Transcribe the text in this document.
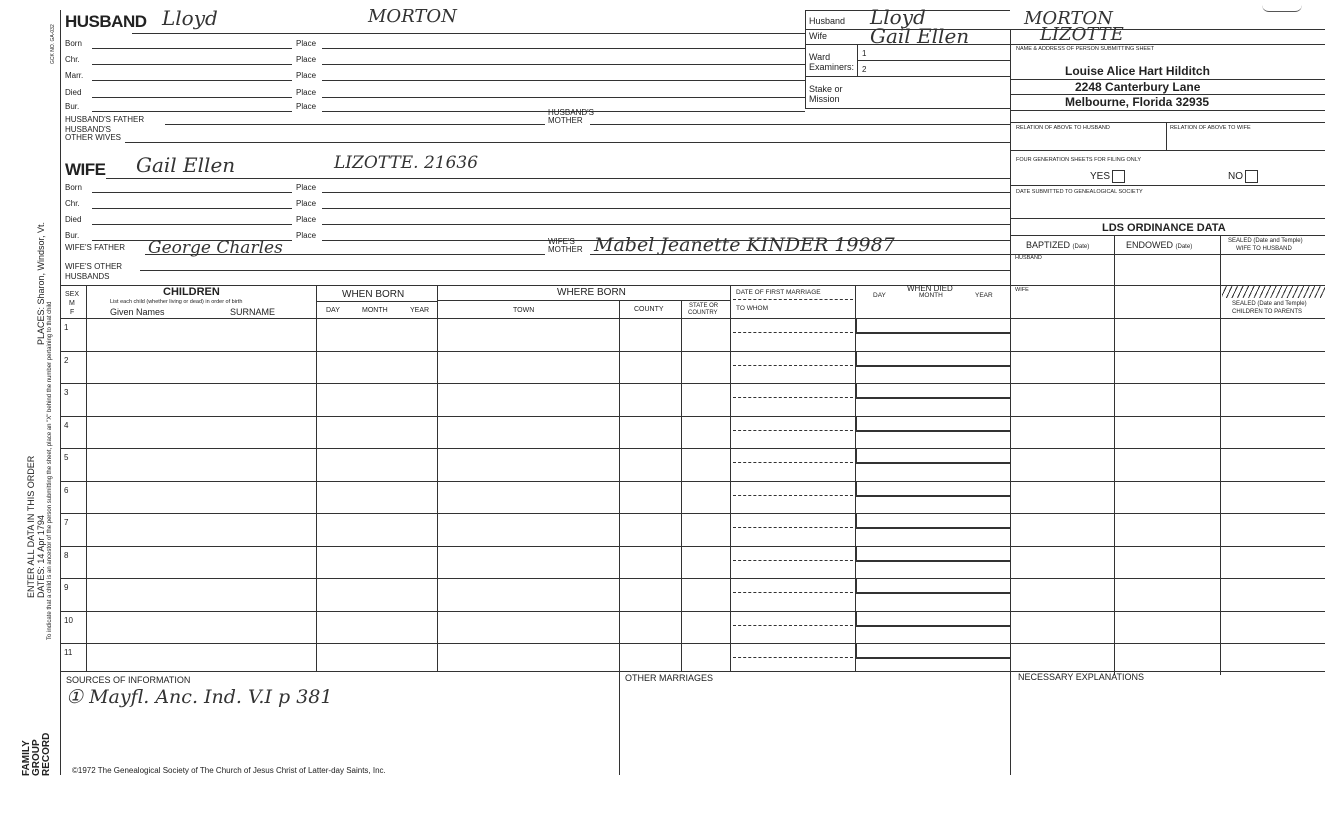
FAMILY GROUP RECORD
ENTER ALL DATA IN THIS ORDER DATES: 14 Apr 1794
PLACES: Sharon, Windsor, Vt.
To indicate that a child is an ancestor of the person submitting the sheet, place an "X" behind the number pertaining to that child
GCK NO. GA-032
HUSBAND Lloyd	MORTON
Born	Place
Chr.	Place
Marr.	Place
Died	Place
Bur.	Place
HUSBAND'S FATHER
HUSBAND'S
MOTHER
HUSBAND'S
OTHER WIVES
WIFE Gail Ellen	LIZOTTE. 21636
Born	Place
Chr.	Place
Died	Place
Bur.	Place
WIFE'S FATHER George Charles	WIFE'S
MOTHER Mabel Jeanette KINDER 19987
WIFE'S OTHER
HUSBANDS
Husband Lloyd	MORTON
Wife Gail Ellen	LIZOTTE
Ward
Examiners:
1
2
Stake or
Mission
NAME & ADDRESS OF PERSON SUBMITTING SHEET
Louise Alice Hart Hilditch
2248 Canterbury Lane
Melbourne, Florida 32935
RELATION OF ABOVE TO HUSBAND	RELATION OF ABOVE TO WIFE
FOUR GENERATION SHEETS FOR FILING ONLY
YES	NO
DATE SUBMITTED TO GENEALOGICAL SOCIETY
LDS ORDINANCE DATA
BAPTIZED (Date)	ENDOWED (Date)
SEALED (Date and Temple)
WIFE TO HUSBAND
HUSBAND
WIFE
SEALED (Date and Temple)
CHILDREN TO PARENTS
SEX
M
F
CHILDREN
List each child (whether living or dead) in order of birth
Given Names	SURNAME
WHEN BORN
DAY	MONTH	YEAR
WHERE BORN
TOWN	COUNTY	STATE OR
COUNTRY
DATE OF FIRST MARRIAGE
TO WHOM
WHEN DIED
DAY	MONTH	YEAR
1
2
3
4
5
6
7
8
9
10
11
SOURCES OF INFORMATION
① Mayfl. Anc. Ind. V.I p 381
OTHER MARRIAGES	NECESSARY EXPLANATIONS
©1972 The Genealogical Society of The Church of Jesus Christ of Latter-day Saints, Inc.
